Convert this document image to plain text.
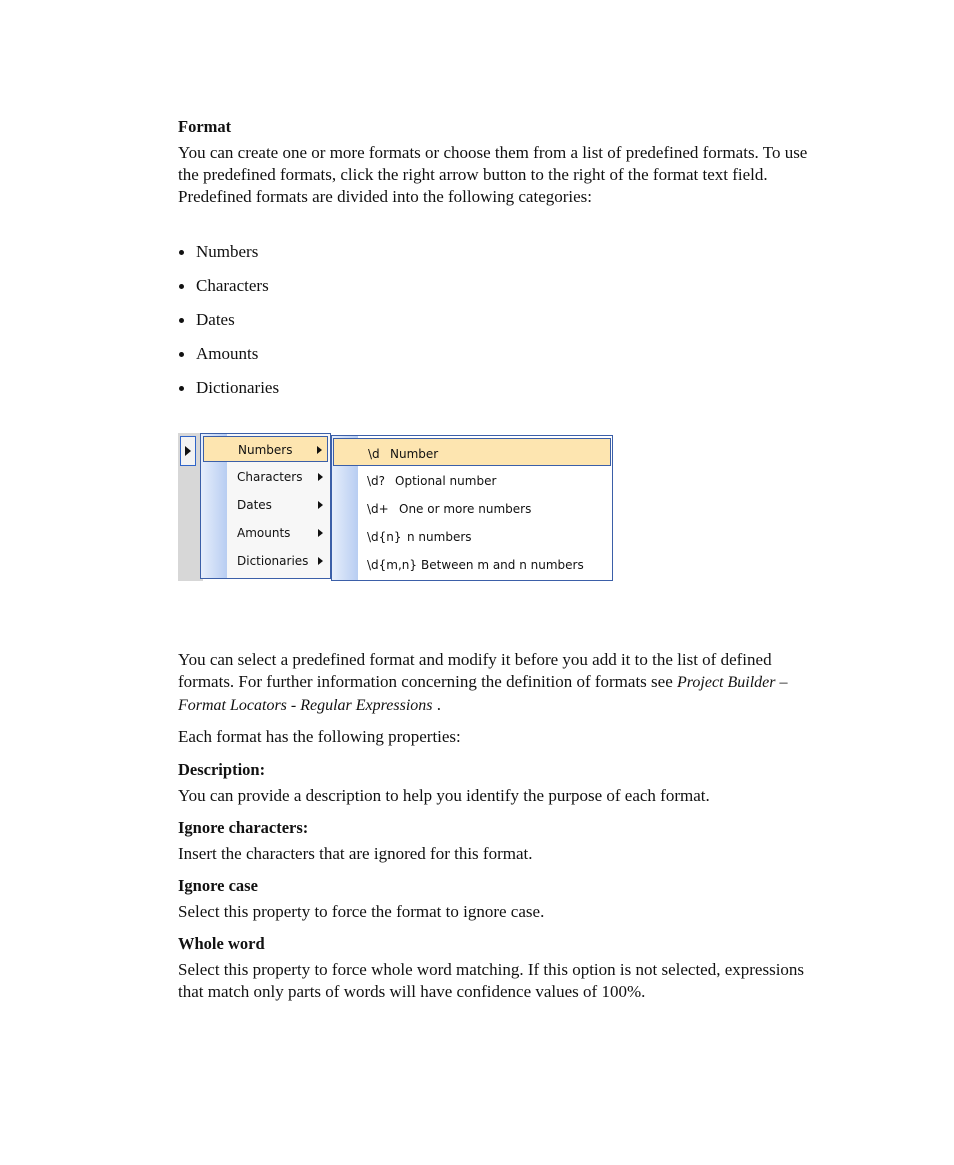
Format
You can create one or more formats or choose them from a list of predefined formats. To use the predefined formats, click the right arrow button to the right of the format text field. Predefined formats are divided into the following categories:
Numbers
Characters
Dates
Amounts
Dictionaries
You can select a predefined format and modify it before you add it to the list of defined formats. For further information concerning the definition of formats see Project Builder – Format Locators - Regular Expressions .
Each format has the following properties:
Description:
You can provide a description to help you identify the purpose of each format.
Ignore characters:
Insert the characters that are ignored for this format.
Ignore case
Select this property to force the format to ignore case.
Whole word
Select this property to force whole word matching. If this option is not selected, expressions that match only parts of words will have confidence values of 100%.
Numbers
Characters
Dates
Amounts
Dictionaries
\d Number
\d? Optional number
\d+ One or more numbers
\d{n} n numbers
\d{m,n} Between m and n numbers
